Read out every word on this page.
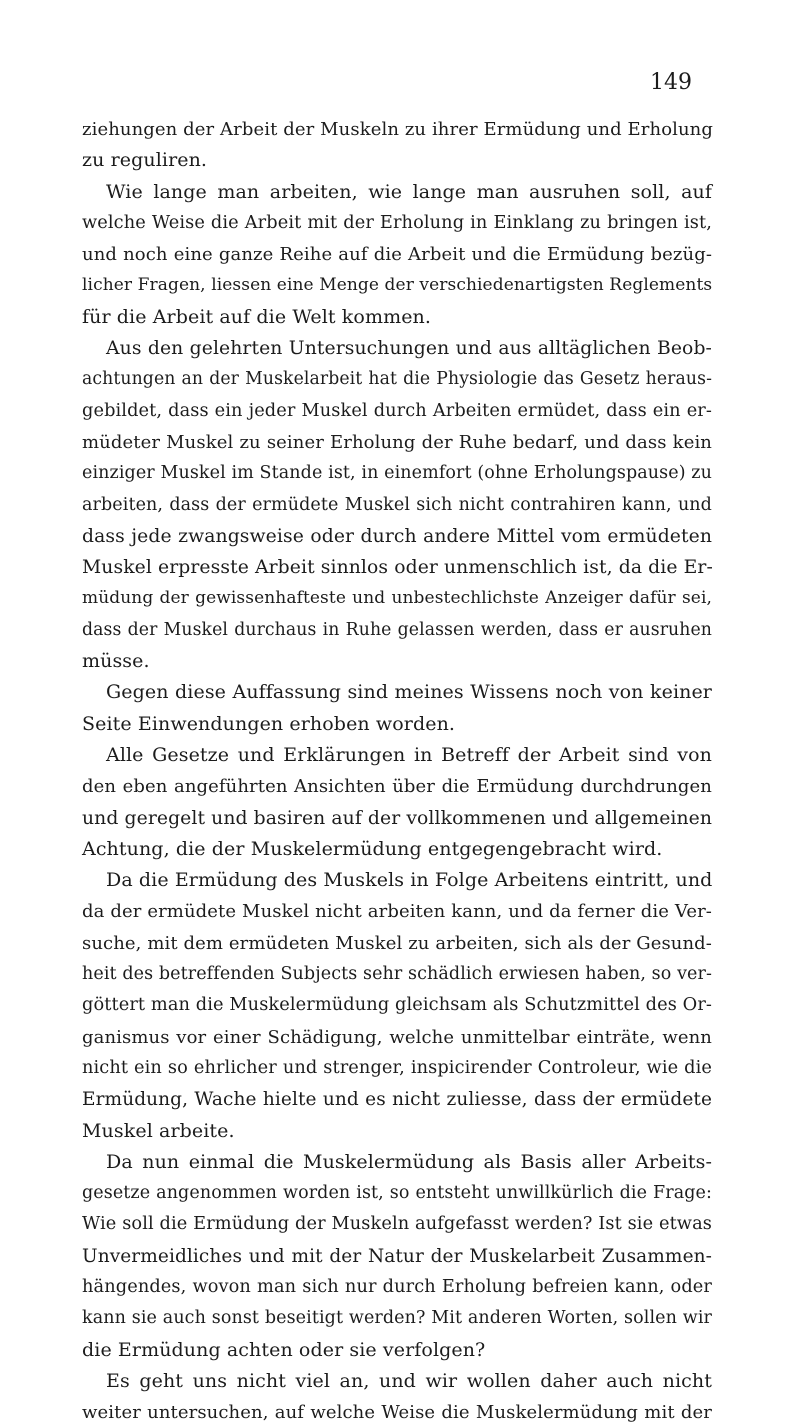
149
ziehungen der Arbeit der Muskeln zu ihrer Ermüdung und Erholung
zu reguliren.
Wie lange man arbeiten, wie lange man ausruhen soll, auf
welche Weise die Arbeit mit der Erholung in Einklang zu bringen ist,
und noch eine ganze Reihe auf die Arbeit und die Ermüdung bezüg-
licher Fragen, liessen eine Menge der verschiedenartigsten Reglements
für die Arbeit auf die Welt kommen.
Aus den gelehrten Untersuchungen und aus alltäglichen Beob-
achtungen an der Muskelarbeit hat die Physiologie das Gesetz heraus-
gebildet, dass ein jeder Muskel durch Arbeiten ermüdet, dass ein er-
müdeter Muskel zu seiner Erholung der Ruhe bedarf, und dass kein
einziger Muskel im Stande ist, in einemfort (ohne Erholungspause) zu
arbeiten, dass der ermüdete Muskel sich nicht contrahiren kann, und
dass jede zwangsweise oder durch andere Mittel vom ermüdeten
Muskel erpresste Arbeit sinnlos oder unmenschlich ist, da die Er-
müdung der gewissenhafteste und unbestechlichste Anzeiger dafür sei,
dass der Muskel durchaus in Ruhe gelassen werden, dass er ausruhen
müsse.
Gegen diese Auffassung sind meines Wissens noch von keiner
Seite Einwendungen erhoben worden.
Alle Gesetze und Erklärungen in Betreff der Arbeit sind von
den eben angeführten Ansichten über die Ermüdung durchdrungen
und geregelt und basiren auf der vollkommenen und allgemeinen
Achtung, die der Muskelermüdung entgegengebracht wird.
Da die Ermüdung des Muskels in Folge Arbeitens eintritt, und
da der ermüdete Muskel nicht arbeiten kann, und da ferner die Ver-
suche, mit dem ermüdeten Muskel zu arbeiten, sich als der Gesund-
heit des betreffenden Subjects sehr schädlich erwiesen haben, so ver-
göttert man die Muskelermüdung gleichsam als Schutzmittel des Or-
ganismus vor einer Schädigung, welche unmittelbar einträte, wenn
nicht ein so ehrlicher und strenger, inspicirender Controleur, wie die
Ermüdung, Wache hielte und es nicht zuliesse, dass der ermüdete
Muskel arbeite.
Da nun einmal die Muskelermüdung als Basis aller Arbeits-
gesetze angenommen worden ist, so entsteht unwillkürlich die Frage:
Wie soll die Ermüdung der Muskeln aufgefasst werden? Ist sie etwas
Unvermeidliches und mit der Natur der Muskelarbeit Zusammen-
hängendes, wovon man sich nur durch Erholung befreien kann, oder
kann sie auch sonst beseitigt werden? Mit anderen Worten, sollen wir
die Ermüdung achten oder sie verfolgen?
Es geht uns nicht viel an, und wir wollen daher auch nicht
weiter untersuchen, auf welche Weise die Muskelermüdung mit der
